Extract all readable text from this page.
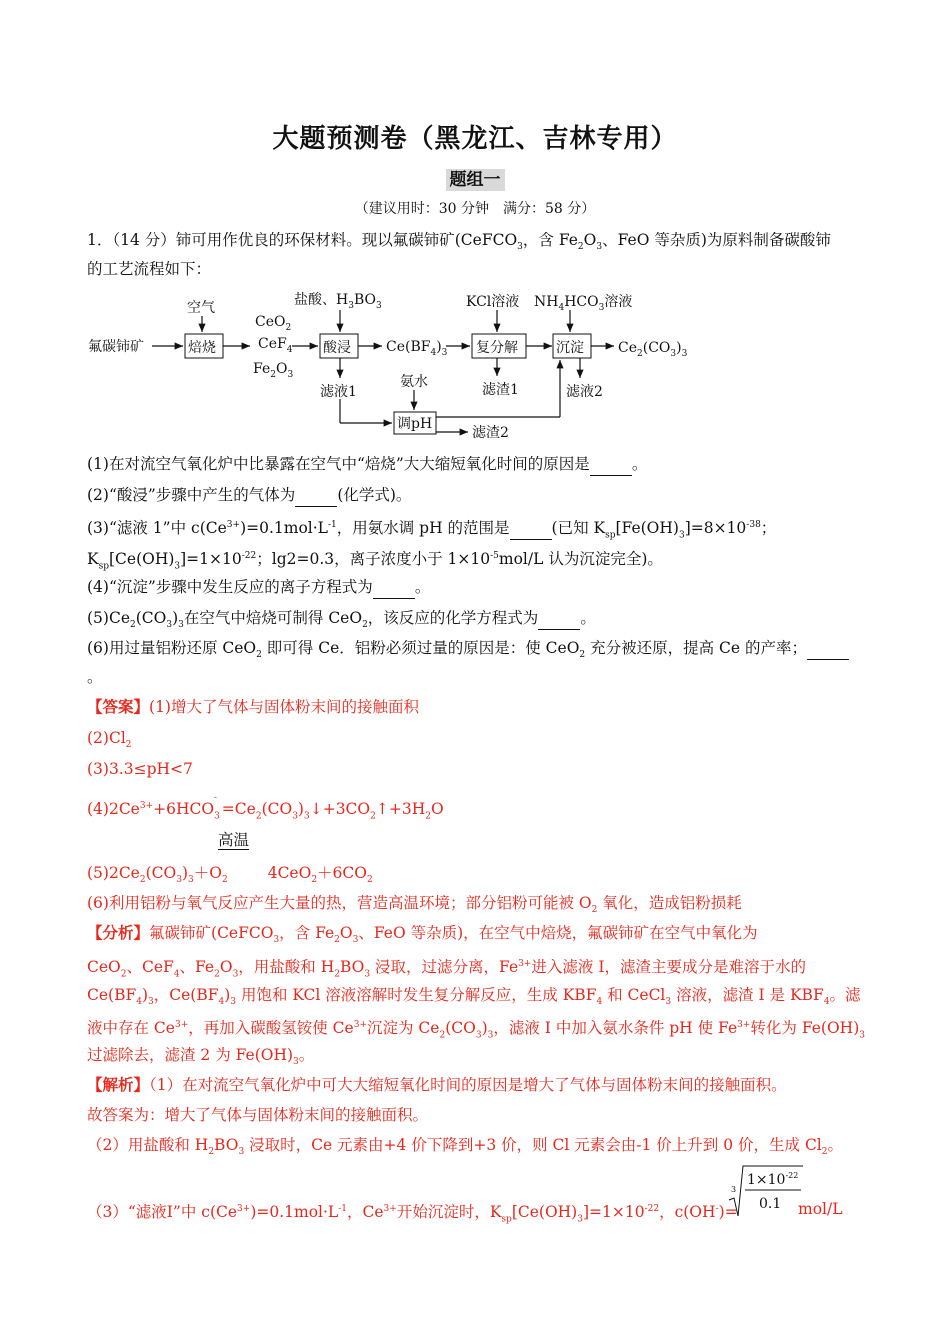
大题预测卷（黑龙江、吉林专用）
题组一
（建议用时：30 分钟　满分：58 分）
1．（14 分）铈可用作优良的环保材料。现以氟碳铈矿(CeFCO$_3$，含 $Fe_2O_3$、FeO 等杂质)为原料制备碳酸铈
的工艺流程如下：
氟碳铈矿
空气
焙烧
CeO$_2$
CeF$_4$
$Fe_2O_3$
盐酸、$H_3BO_3$
酸浸
滤液1
$Ce(BF_4)_3$
KCl溶液
复分解
滤渣1
$NH_4HCO_3$溶液
沉淀 $Ce_2(CO_3)_3$
滤液2
氨水
调pH
滤渣2
(1)在对流空气氧化炉中比暴露在空气中“焙烧”大大缩短氧化时间的原因是	。
(2)“酸浸”步骤中产生的气体为	(化学式)。
(3)“滤液 1”中 $c(Ce^{3+})=0.1mol\cdot L^{-1}$，用氨水调 pH 的范围是	(已知 $K_{sp}[Fe(OH)_3]=8\times 10^{-38}$；
$K_{sp}[Ce(OH)_3]=1\times 10^{-22}$；lg2=0.3，离子浓度小于 $1\times 10^{-5}mol/L$ 认为沉淀完全)。
(4)“沉淀”步骤中发生反应的离子方程式为	。
$(5)Ce_2(CO_3)_3$在空气中焙烧可制得 CeO$_2$，该反应的化学方程式为	。
(6)用过量铝粉还原 CeO$_2$ 即可得 Ce．铝粉必须过量的原因是：使 CeO$_2$ 充分被还原，提高 Ce 的产率；
。
【答案】(1)增大了气体与固体粉末间的接触面积
$(2)Cl_2$
(3)3.3≤pH<7
$(4)2Ce^{3+}+6HCO_3^-$ $=Ce_2(CO_3)_3↓+3CO_2↑+3H_2O$
高温
$(5)2Ce_2(CO_3)_3+O_2$	$4CeO_2+6CO_2$
(6)利用铝粉与氧气反应产生大量的热，营造高温环境；部分铝粉可能被 $O_2$ 氧化，造成铝粉损耗
【分析】氟碳铈矿(CeFCO$_3$，含 $Fe_2O_3$、FeO 等杂质)，在空气中焙烧，氟碳铈矿在空气中氧化为
CeO$_2$、CeF$_4$、$Fe_2O_3$，用盐酸和 $H_2BO_3$ 浸取，过滤分离，$Fe^{3+}$进入滤液 I，滤渣主要成分是难溶于水的
$Ce(BF_4)_3$，$Ce(BF_4)_3$ 用饱和 KCl 溶液溶解时发生复分解反应，生成 $KBF_4$ 和 CeCl$_3$ 溶液，滤渣 I 是 $KBF_4$。滤
液中存在 $Ce^{3+}$，再加入碳酸氢铵使 $Ce^{3+}$沉淀为 $Ce_2(CO_3)_3$，滤液 I 中加入氨水条件 pH 使 $Fe^{3+}$转化为 $Fe(OH)_3$
过滤除去，滤渣 2 为 $Fe(OH)_3$。
【解析】（1）在对流空气氧化炉中可大大缩短氧化时间的原因是增大了气体与固体粉末间的接触面积。
故答案为：增大了气体与固体粉末间的接触面积。
（2）用盐酸和 $H_2BO_3$ 浸取时，Ce 元素由+4 价下降到+3 价，则 Cl 元素会由-1 价上升到 0 价，生成 $Cl_2$。
（3）“滤液Ⅰ”中 $c(Ce^{3+})=0.1mol\cdot L^{-1}$，$Ce^{3+}$开始沉淀时，$K_{sp}[Ce(OH)_3]=1\times 10^{-22}$，c(OH-)=
3
$1\times 10^{-22}$
0.1 mol/L
